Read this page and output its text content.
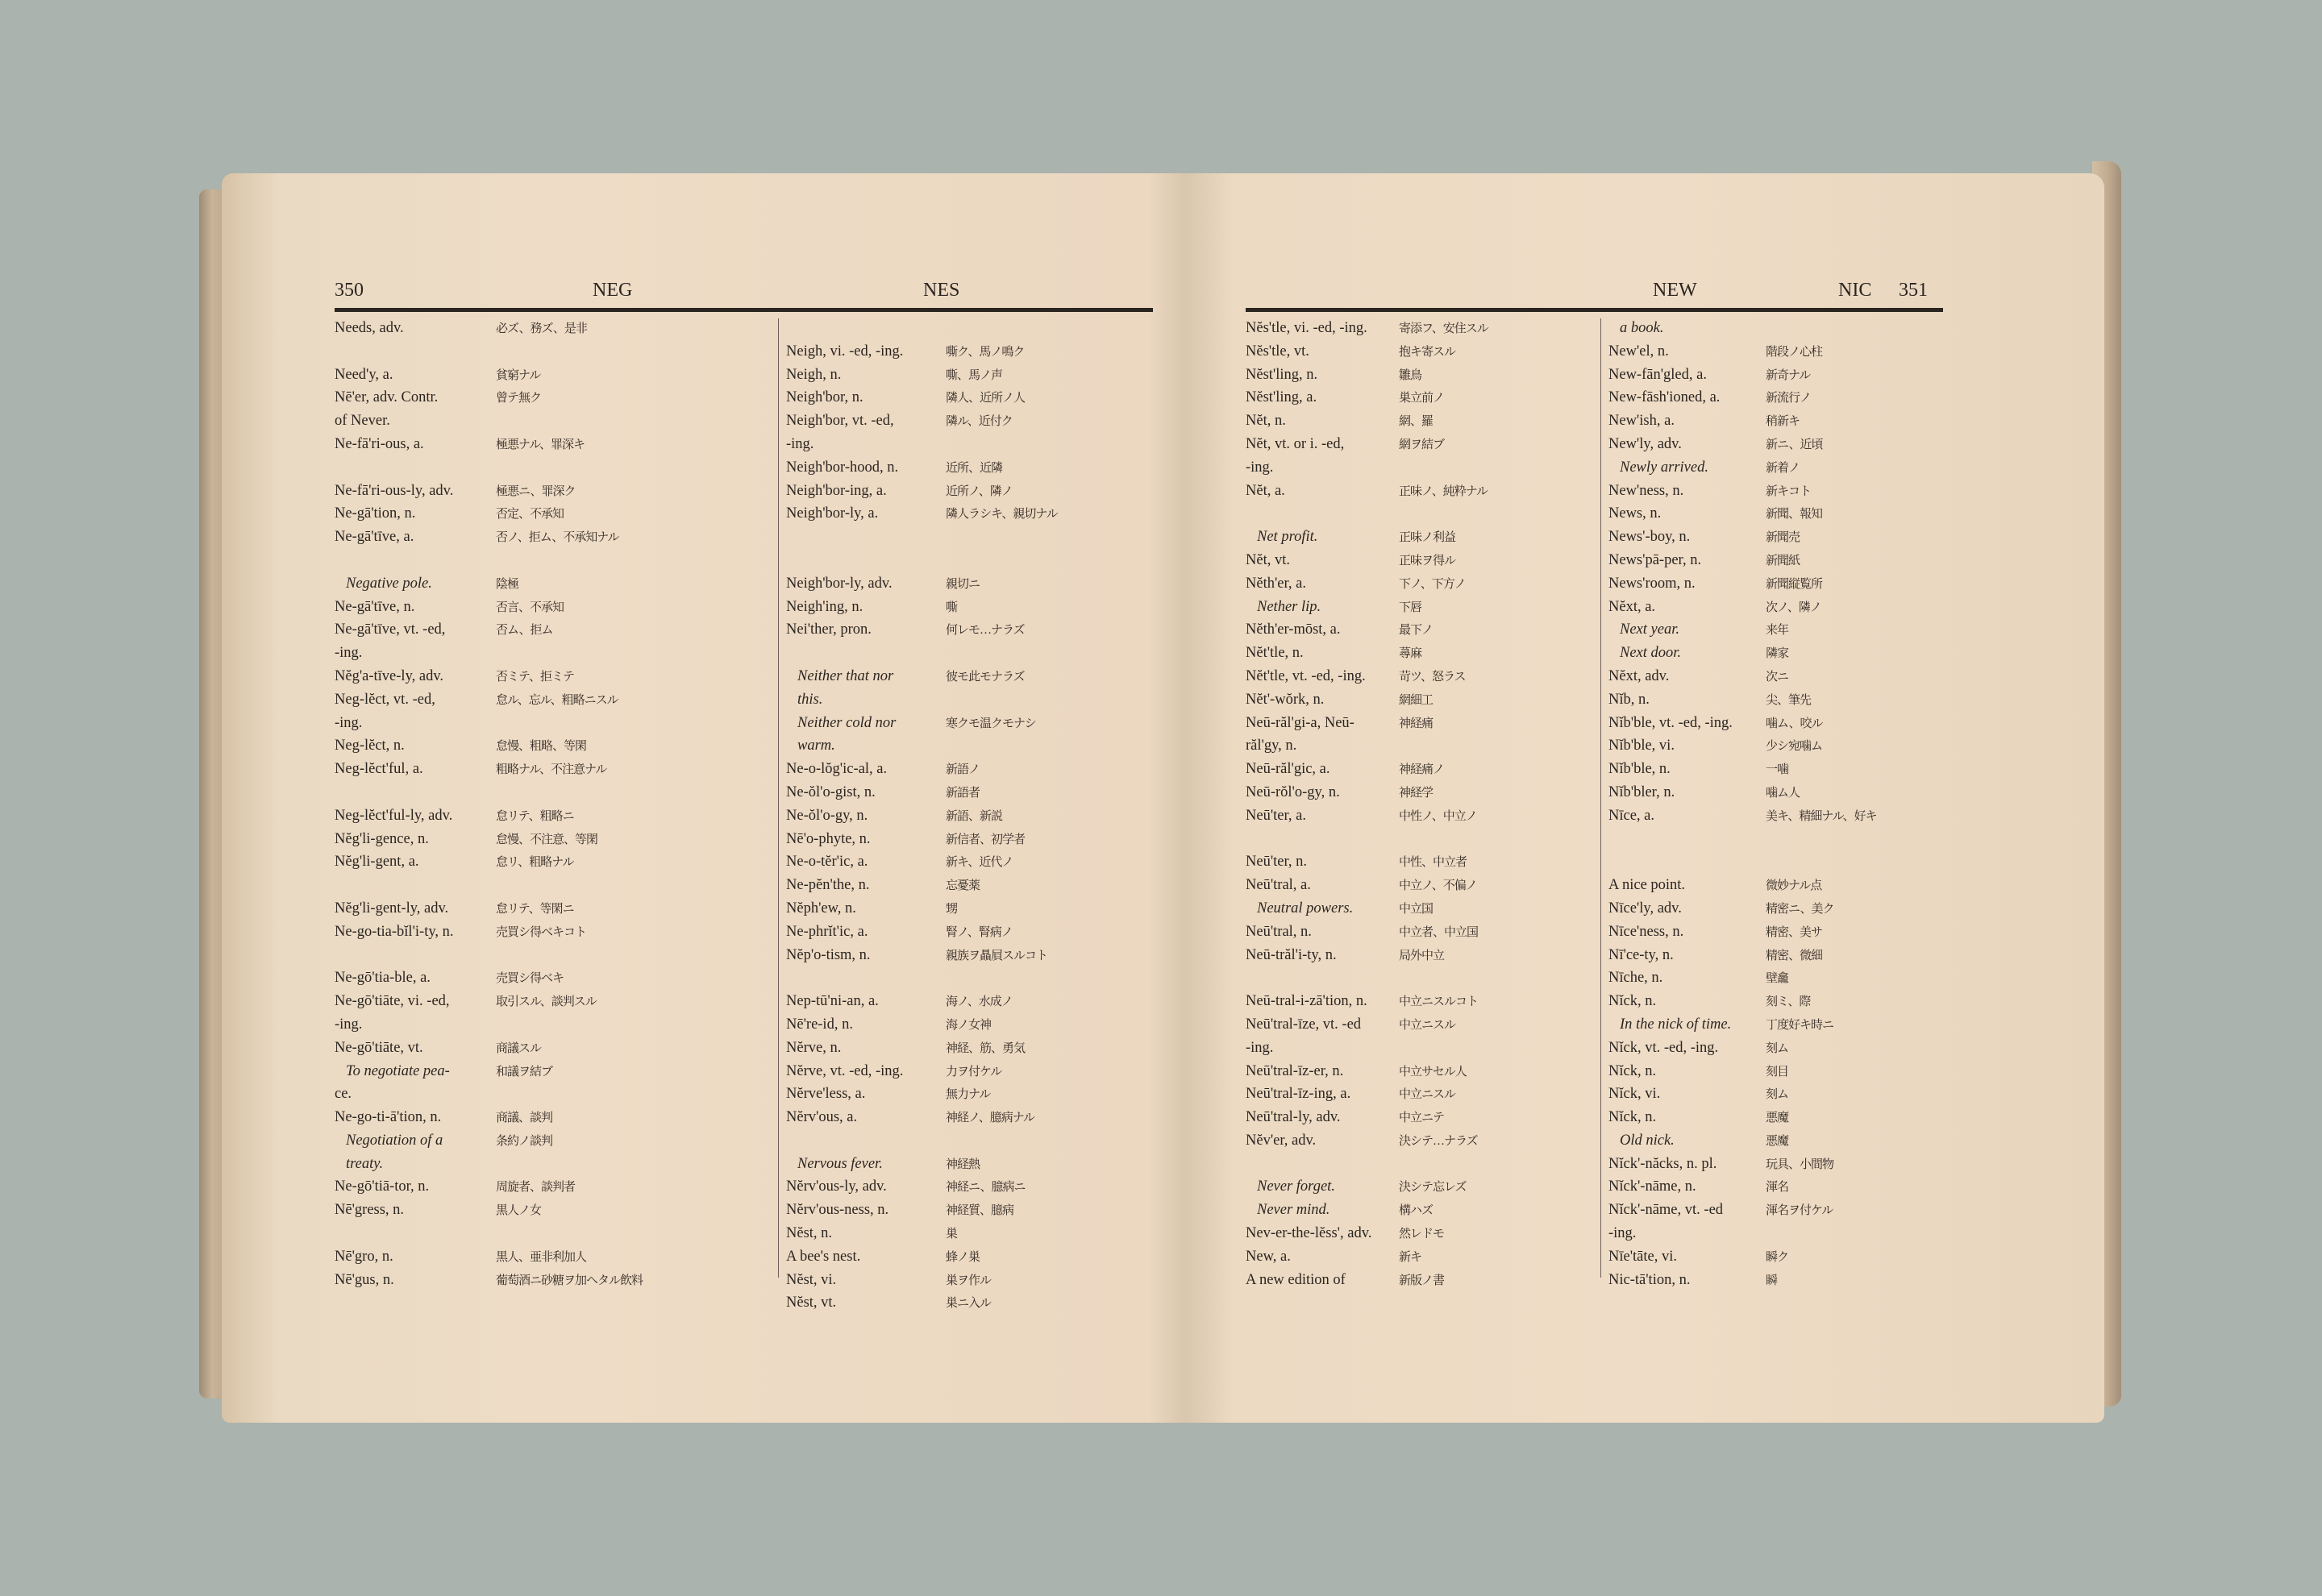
350	NEG	NES
Needs, adv.	必ズ、務ズ、是非
Need'y, a.	貧窮ナル
Nē'er, adv. Contr.	曾テ無ク
of Never.
Ne-fā'ri-ous, a.	極悪ナル、罪深キ
Ne-fā'ri-ous-ly, adv.	極悪ニ、罪深ク
Ne-gā'tion, n.	否定、不承知
Ne-gā'tīve, a.	否ノ、拒ム、不承知ナル
Negative pole.	陰極
Ne-gā'tīve, n.	否言、不承知
Ne-gā'tīve, vt. -ed,	否ム、拒ム
-ing.
Nĕg'a-tīve-ly, adv.	否ミテ、拒ミテ
Neg-lĕct, vt. -ed,	怠ル、忘ル、粗略ニスル
-ing.
Neg-lĕct, n.	怠慢、粗略、等閑
Neg-lĕct'ful, a.	粗略ナル、不注意ナル
Neg-lĕct'ful-ly, adv.	怠リテ、粗略ニ
Nĕg'li-gence, n.	怠慢、不注意、等閑
Nĕg'li-gent, a.	怠リ、粗略ナル
Nĕg'li-gent-ly, adv.	怠リテ、等閑ニ
Ne-go-tia-bĭl'i-ty, n.	売買シ得ベキコト
Ne-gō'tia-ble, a.	売買シ得ベキ
Ne-gō'tiāte, vi. -ed,	取引スル、談判スル
-ing.
Ne-gō'tiāte, vt.	商議スル
To negotiate pea-	和議ヲ結ブ
ce.
Ne-go-ti-ā'tion, n.	商議、談判
Negotiation of a	条約ノ談判
treaty.
Ne-gō'tiā-tor, n.	周旋者、談判者
Nē'gress, n.	黒人ノ女
Nē'gro, n.	黒人、亜非利加人
Nē'gus, n.	葡萄酒ニ砂糖ヲ加ヘタル飲料
Neigh, vi. -ed, -ing.	嘶ク、馬ノ鳴ク
Neigh, n.	嘶、馬ノ声
Neigh'bor, n.	隣人、近所ノ人
Neigh'bor, vt. -ed,	隣ル、近付ク
-ing.
Neigh'bor-hood, n.	近所、近隣
Neigh'bor-ing, a.	近所ノ、隣ノ
Neigh'bor-ly, a.	隣人ラシキ、親切ナル
Neigh'bor-ly, adv.	親切ニ
Neigh'ing, n.	嘶
Nei'ther, pron.	何レモ…ナラズ
Neither that nor	彼モ此モナラズ
this.
Neither cold nor	寒クモ温クモナシ
warm.
Ne-o-lŏg'ic-al, a.	新語ノ
Ne-ŏl'o-gist, n.	新語者
Ne-ŏl'o-gy, n.	新語、新説
Nē'o-phyte, n.	新信者、初学者
Ne-o-tĕr'ic, a.	新キ、近代ノ
Ne-pĕn'the, n.	忘憂薬
Nĕph'ew, n.	甥
Ne-phrĭt'ic, a.	腎ノ、腎病ノ
Nĕp'o-tism, n.	親族ヲ贔屓スルコト
Nep-tū'ni-an, a.	海ノ、水成ノ
Nē're-id, n.	海ノ女神
Nĕrve, n.	神経、筋、勇気
Nĕrve, vt. -ed, -ing.	力ヲ付ケル
Nĕrve'less, a.	無力ナル
Nĕrv'ous, a.	神経ノ、臆病ナル
Nervous fever.	神経熱
Nĕrv'ous-ly, adv.	神経ニ、臆病ニ
Nĕrv'ous-ness, n.	神経質、臆病
Nĕst, n.	巣
A bee's nest.	蜂ノ巣
Nĕst, vi.	巣ヲ作ル
Nĕst, vt.	巣ニ入ル
NEW	NIC 351
Nĕs'tle, vi. -ed, -ing.	寄添フ、安住スル
Nĕs'tle, vt.	抱キ寄スル
Nĕst'ling, n.	雛鳥
Nĕst'ling, a.	巣立前ノ
Nĕt, n.	網、羅
Nĕt, vt. or i. -ed,	網ヲ結ブ
-ing.
Nĕt, a.	正味ノ、純粋ナル
Net profit.	正味ノ利益
Nĕt, vt.	正味ヲ得ル
Nĕth'er, a.	下ノ、下方ノ
Nether lip.	下唇
Nĕth'er-mōst, a.	最下ノ
Nĕt'tle, n.	蕁麻
Nĕt'tle, vt. -ed, -ing.	苛ツ、怒ラス
Nĕt'-wŏrk, n.	網細工
Neū-răl'gi-a, Neū-	神経痛
răl'gy, n.
Neū-răl'gic, a.	神経痛ノ
Neū-rŏl'o-gy, n.	神経学
Neū'ter, a.	中性ノ、中立ノ
Neū'ter, n.	中性、中立者
Neū'tral, a.	中立ノ、不偏ノ
Neutral powers.	中立国
Neū'tral, n.	中立者、中立国
Neū-trăl'i-ty, n.	局外中立
Neū-tral-i-zā'tion, n.	中立ニスルコト
Neū'tral-īze, vt. -ed	中立ニスル
-ing.
Neū'tral-īz-er, n.	中立サセル人
Neū'tral-īz-ing, a.	中立ニスル
Neū'tral-ly, adv.	中立ニテ
Nĕv'er, adv.	決シテ…ナラズ
Never forget.	決シテ忘レズ
Never mind.	構ハズ
Nev-er-the-lĕss', adv. 然レドモ
New, a.	新キ
A new edition of	新版ノ書
a book.
New'el, n.	階段ノ心柱
New-fān'gled, a.	新奇ナル
New-fāsh'ioned, a.	新流行ノ
New'ish, a.	稍新キ
New'ly, adv.	新ニ、近頃
Newly arrived.	新着ノ
New'ness, n.	新キコト
News, n.	新聞、報知
News'-boy, n.	新聞売
News'pā-per, n.	新聞紙
News'room, n.	新聞縦覧所
Nĕxt, a.	次ノ、隣ノ
Next year.	来年
Next door.	隣家
Nĕxt, adv.	次ニ
Nĭb, n.	尖、筆先
Nĭb'ble, vt. -ed, -ing.	噛ム、咬ル
Nĭb'ble, vi.	少シ宛噛ム
Nĭb'ble, n.	一噛
Nĭb'bler, n.	噛ム人
Nīce, a.	美キ、精細ナル、好キ
A nice point.	微妙ナル点
Nīce'ly, adv.	精密ニ、美ク
Nīce'ness, n.	精密、美サ
Nī'ce-ty, n.	精密、微細
Nīche, n.	壁龕
Nĭck, n.	刻ミ、際
In the nick of time.	丁度好キ時ニ
Nĭck, vt. -ed, -ing.	刻ム
Nĭck, n.	刻目
Nĭck, vi.	刻ム
Nĭck, n.	悪魔
Old nick.	悪魔
Nĭck'-năcks, n. pl.	玩具、小間物
Nĭck'-nāme, n.	渾名
Nĭck'-nāme, vt. -ed	渾名ヲ付ケル
-ing.
Nīe'tāte, vi.	瞬ク
Nic-tā'tion, n.	瞬
